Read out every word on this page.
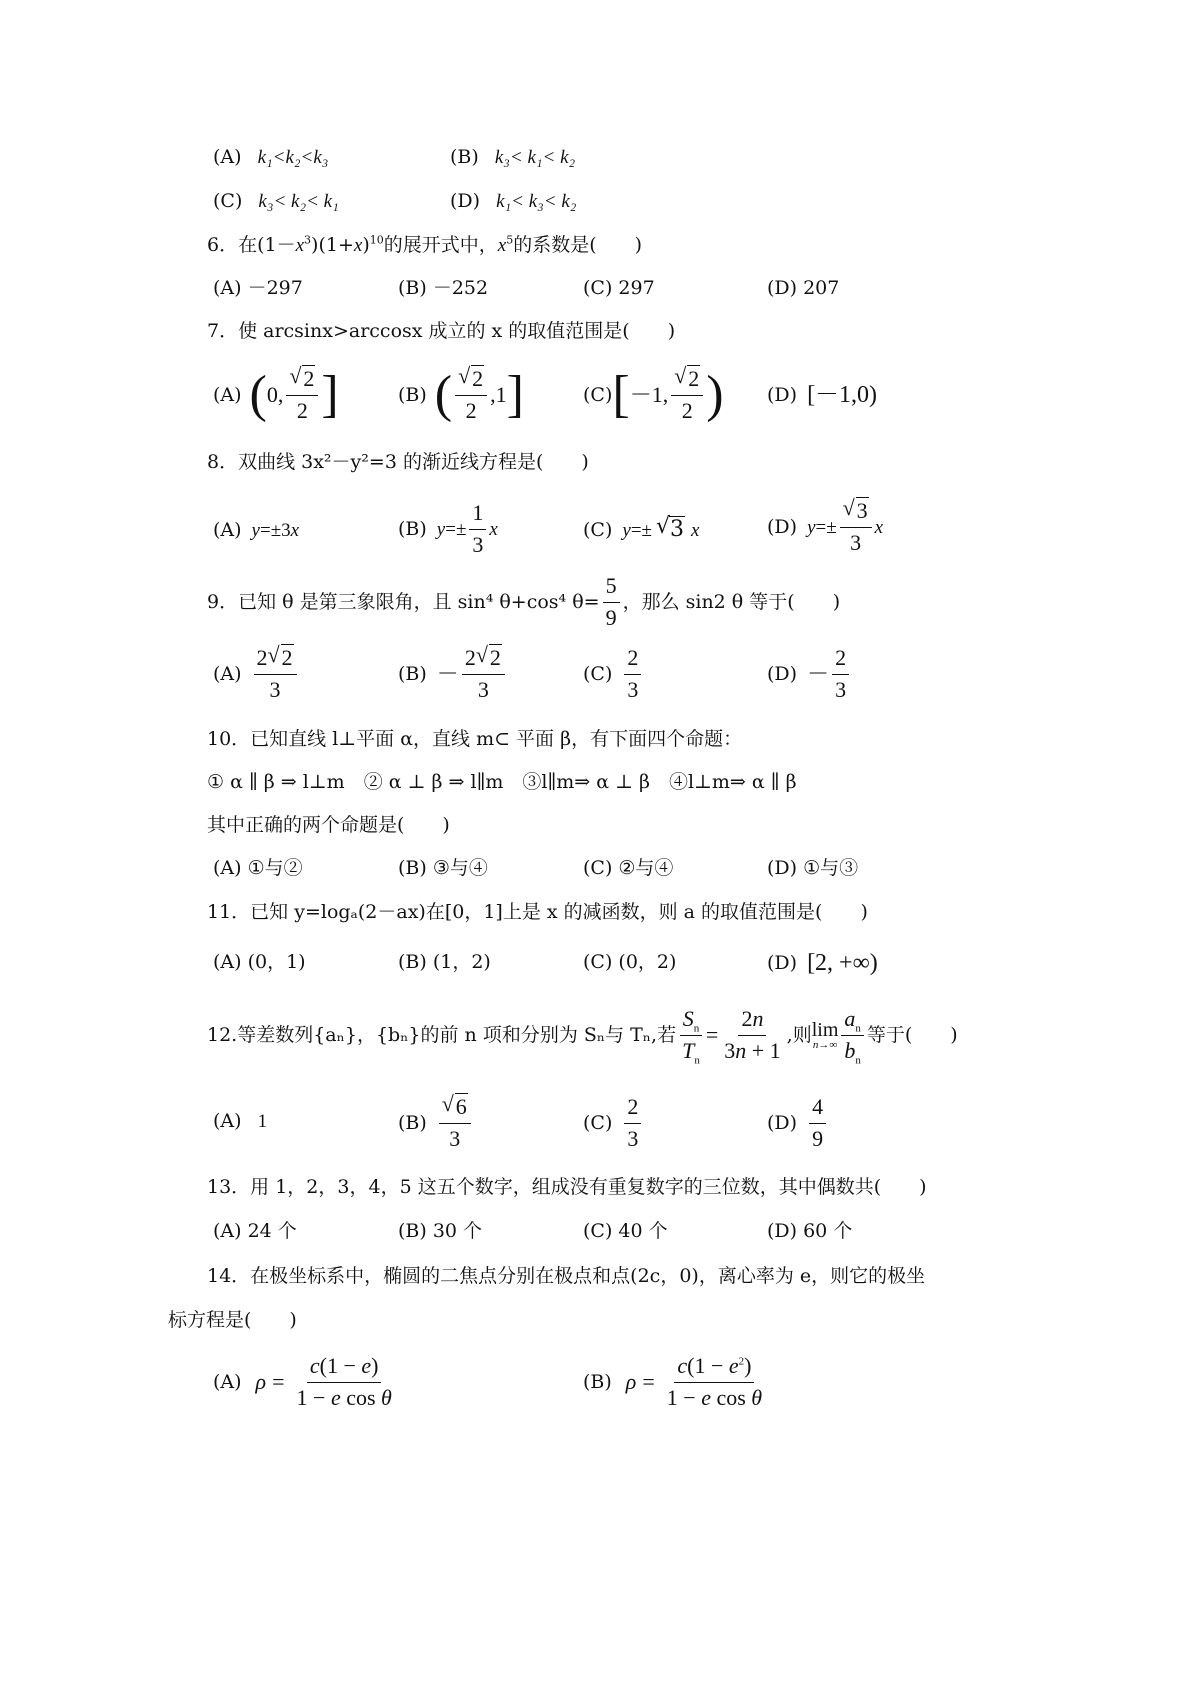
(A) k₁<k₂<k₃	(B) k₃< k₁< k₂
(C) k₃< k₂< k₁	(D) k₁< k₃< k₂
6．在$(1-x^3)(1+x)^{10}$的展开式中，$x^5$的系数是(　　)
(A) －297	(B) －252	(C) 297	(D) 207
7．使 arcsinx>arccosx 成立的 x 的取值范围是(　　)
(A) ( 0, √ $\frac{2}{2}$ ]	(B) ( √ $\frac{2}{2} ,1$ ]	(C) [ －1, √ $\frac{2}{2}$ ) (D) [－1,0)
8．双曲线 3x²－y²=3 的渐近线方程是(　　)
(A) y =±3 x	(B) $y =\pm \frac{1}{3}$ x	(C) y =± √ 3 x	(D) y =± √ $\frac{3}{3}$ x
9．已知 θ 是第三象限角，且 sin⁴ θ+cos⁴ $\theta= \frac{5}{9}$ ，那么 sin2 θ 等于(　　)
$(A) \frac{2 √ 2}{3}$	$(B) - \frac{2 √ 2}{3}$	$(C) \frac{2}{3}$	$(D) - \frac{2}{3}$
10．已知直线 l⊥平面 α，直线 m⊂ 平面 β，有下面四个命题：
① α ∥ β ⇒ l⊥m　② α ⊥ β ⇒ l∥m　③l∥m⇒ α ⊥ β　④l⊥m⇒ α ∥ β
其中正确的两个命题是(　　)
(A) ①与②	(B) ③与④	(C) ②与④	(D) ①与③
11．已知 y=logₐ(2－ax)在[0，1]上是 x 的减函数，则 a 的取值范围是(　　)
(A) (0，1)	(B) (1，2)	(C) (0，2)	(D) [2, +∞)
12.等差数列{aₙ}，{bₙ}的前 n 项和分别为 Sₙ与 Tₙ,若 $\frac{S_n}{T_n} = \frac{2n}{3n + 1}$ ,则 lim
$n\to\infty \frac{a_n}{b_n}$ 等于(　　)
(A) 1	(B) √ $\frac{6}{3}$	$(C) \frac{2}{3}$	$(D) \frac{4}{9}$
13．用 1，2，3，4，5 这五个数字，组成没有重复数字的三位数，其中偶数共(　　)
(A) 24 个	(B) 30 个	(C) 40 个	(D) 60 个
14．在极坐标系中，椭圆的二焦点分别在极点和点(2c，0)，离心率为 e，则它的极坐
标方程是(　　)
(A) $\rho = \frac{c(1 - e)}{\text{1 − e cos θ}}$	(B) $\rho = \frac{c(1 - e^2)}{\text{1 − e cos θ}}$
